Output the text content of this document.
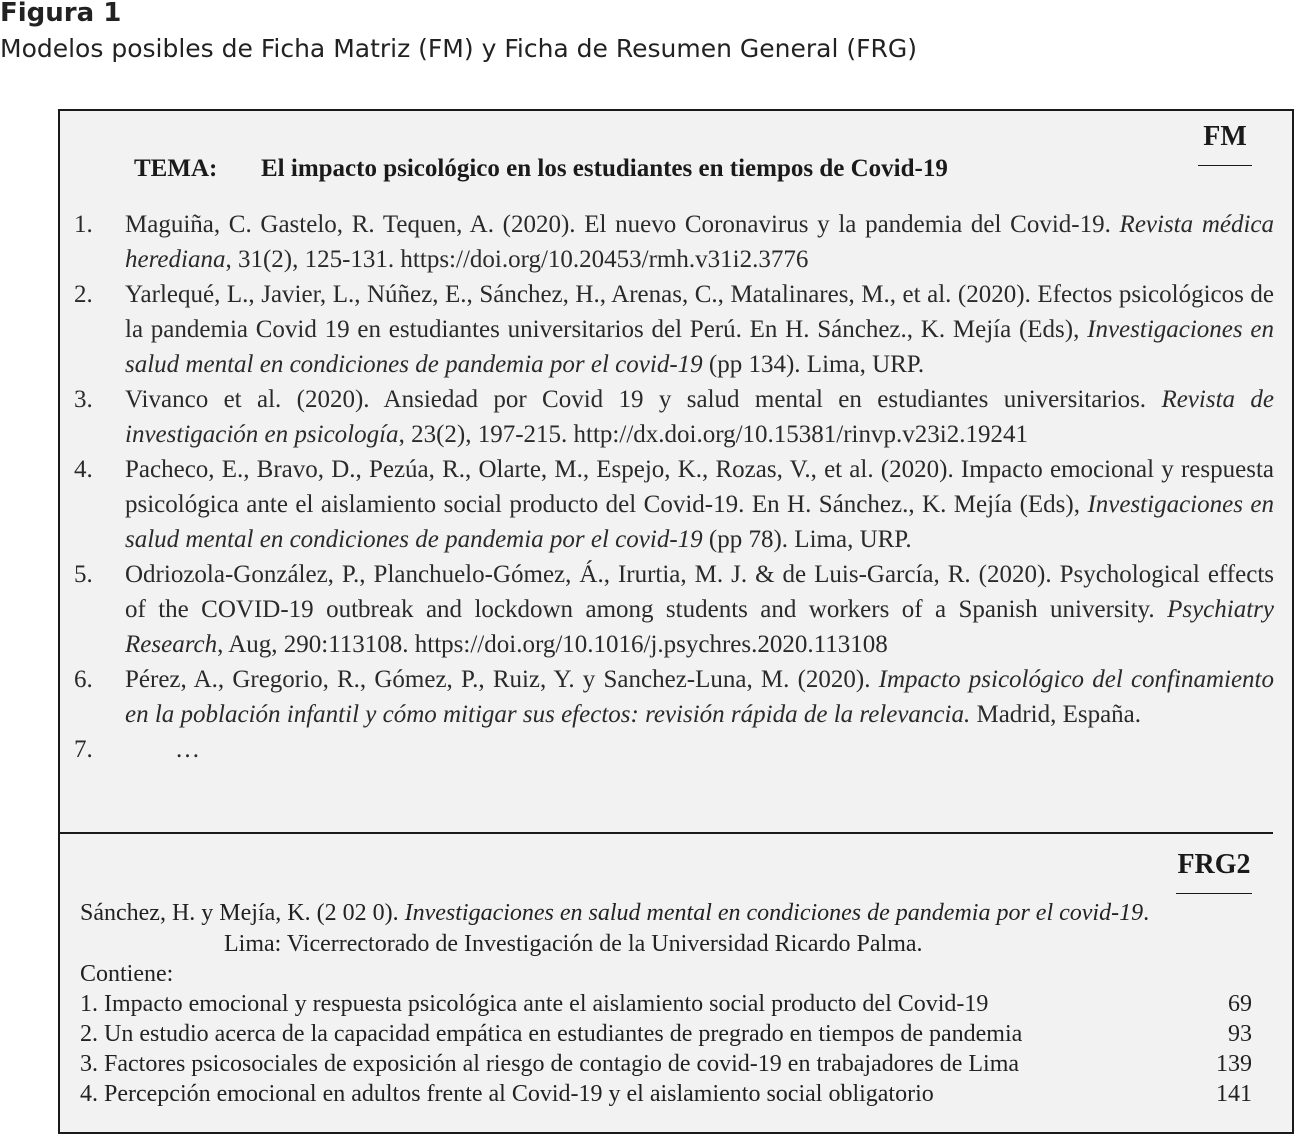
Figura 1
Modelos posibles de Ficha Matriz (FM) y Ficha de Resumen General (FRG)
FM
TEMA: El impacto psicológico en los estudiantes en tiempos de Covid-19
1. Maguiña, C. Gastelo, R. Tequen, A. (2020). El nuevo Coronavirus y la pandemia del Covid-19. Revista médica herediana, 31(2), 125-131. https://doi.org/10.20453/rmh.v31i2.3776
2. Yarlequé, L., Javier, L., Núñez, E., Sánchez, H., Arenas, C., Matalinares, M., et al. (2020). Efectos psicológicos de la pandemia Covid 19 en estudiantes universitarios del Perú. En H. Sánchez., K. Mejía (Eds), Investigaciones en salud mental en condiciones de pandemia por el covid-19 (pp 134). Lima, URP.
3. Vivanco et al. (2020). Ansiedad por Covid 19 y salud mental en estudiantes universitarios. Revista de investigación en psicología, 23(2), 197-215. http://dx.doi.org/10.15381/rinvp.v23i2.19241
4. Pacheco, E., Bravo, D., Pezúa, R., Olarte, M., Espejo, K., Rozas, V., et al. (2020). Impacto emocional y respuesta psicológica ante el aislamiento social producto del Covid-19. En H. Sánchez., K. Mejía (Eds), Investigaciones en salud mental en condiciones de pandemia por el covid-19 (pp 78). Lima, URP.
5. Odriozola-González, P., Planchuelo-Gómez, Á., Irurtia, M. J. & de Luis-García, R. (2020). Psychological effects of the COVID-19 outbreak and lockdown among students and workers of a Spanish university. Psychiatry Research, Aug, 290:113108. https://doi.org/10.1016/j.psychres.2020.113108
6. Pérez, A., Gregorio, R., Gómez, P., Ruiz, Y. y Sanchez-Luna, M. (2020). Impacto psicológico del confinamiento en la población infantil y cómo mitigar sus efectos: revisión rápida de la relevancia. Madrid, España.
7.	…
FRG2
Sánchez, H. y Mejía, K. (2 02 0). Investigaciones en salud mental en condiciones de pandemia por el covid-19.
Lima: Vicerrectorado de Investigación de la Universidad Ricardo Palma.
Contiene:
1. Impacto emocional y respuesta psicológica ante el aislamiento social producto del Covid-19	69
2. Un estudio acerca de la capacidad empática en estudiantes de pregrado en tiempos de pandemia	93
3. Factores psicosociales de exposición al riesgo de contagio de covid-19 en trabajadores de Lima	139
4. Percepción emocional en adultos frente al Covid-19 y el aislamiento social obligatorio	141
